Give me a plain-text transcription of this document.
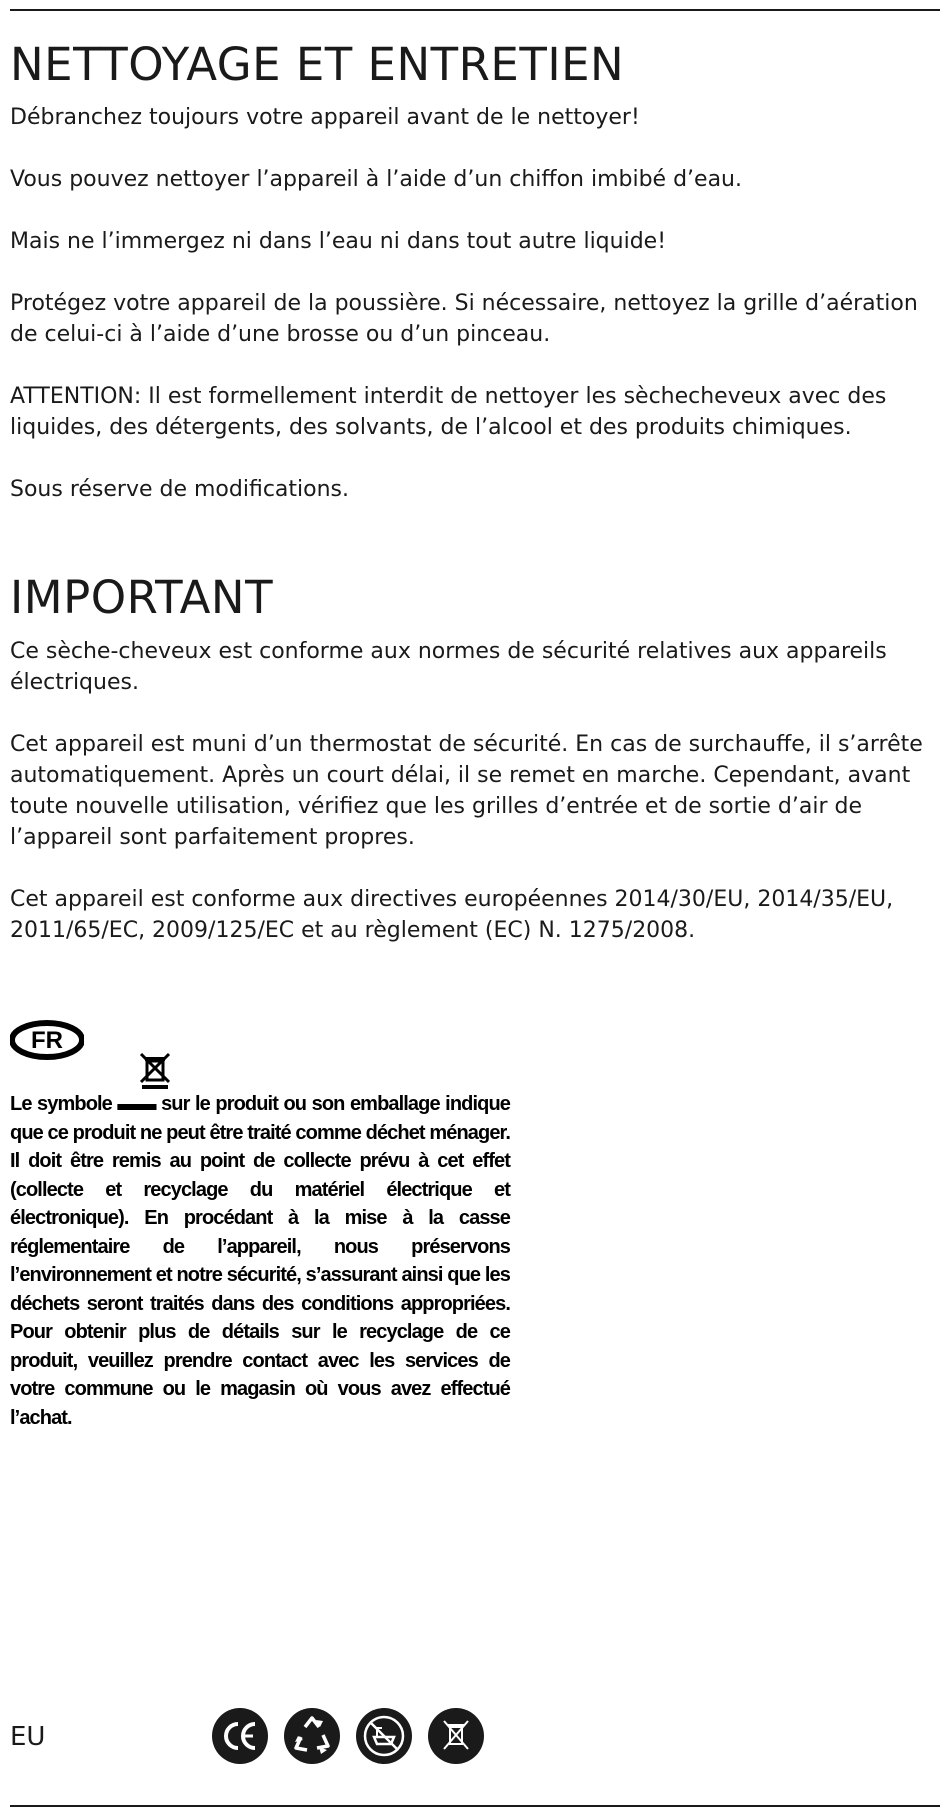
NETTOYAGE ET ENTRETIEN

Débranchez toujours votre appareil avant de le nettoyer!

Vous pouvez nettoyer l’appareil à l’aide d’un chiffon imbibé d’eau.

Mais ne l’immergez ni dans l’eau ni dans tout autre liquide!

Protégez votre appareil de la poussière. Si nécessaire, nettoyez la grille d’aération de celui-ci à l’aide d’une brosse ou d’un pinceau.

ATTENTION: Il est formellement interdit de nettoyer les sèchecheveux avec des liquides, des détergents, des solvants, de l’alcool et des produits chimiques.

Sous réserve de modifications.

IMPORTANT

Ce sèche-cheveux est conforme aux normes de sécurité relatives aux appareils électriques.

Cet appareil est muni d’un thermostat de sécurité. En cas de surchauffe, il s’arrête automatiquement. Après un court délai, il se remet en marche. Cependant, avant toute nouvelle utilisation, vérifiez que les grilles d’entrée et de sortie d’air de l’appareil sont parfaitement propres.

Cet appareil est conforme aux directives européennes 2014/30/EU, 2014/35/EU, 2011/65/EC, 2009/125/EC et au règlement (EC) N. 1275/2008.

FR

Le symbole ▬▬ sur le produit ou son emballage indique que ce produit ne peut être traité comme déchet ménager. Il doit être remis au point de collecte prévu à cet effet (collecte et recyclage du matériel électrique et électronique). En procédant à la mise à la casse réglementaire de l’appareil, nous préservons l’environnement et notre sécurité, s’assurant ainsi que les déchets seront traités dans des conditions appropriées. Pour obtenir plus de détails sur le recyclage de ce produit, veuillez prendre contact avec les services de votre commune ou le magasin où vous avez effectué l’achat.

EU
